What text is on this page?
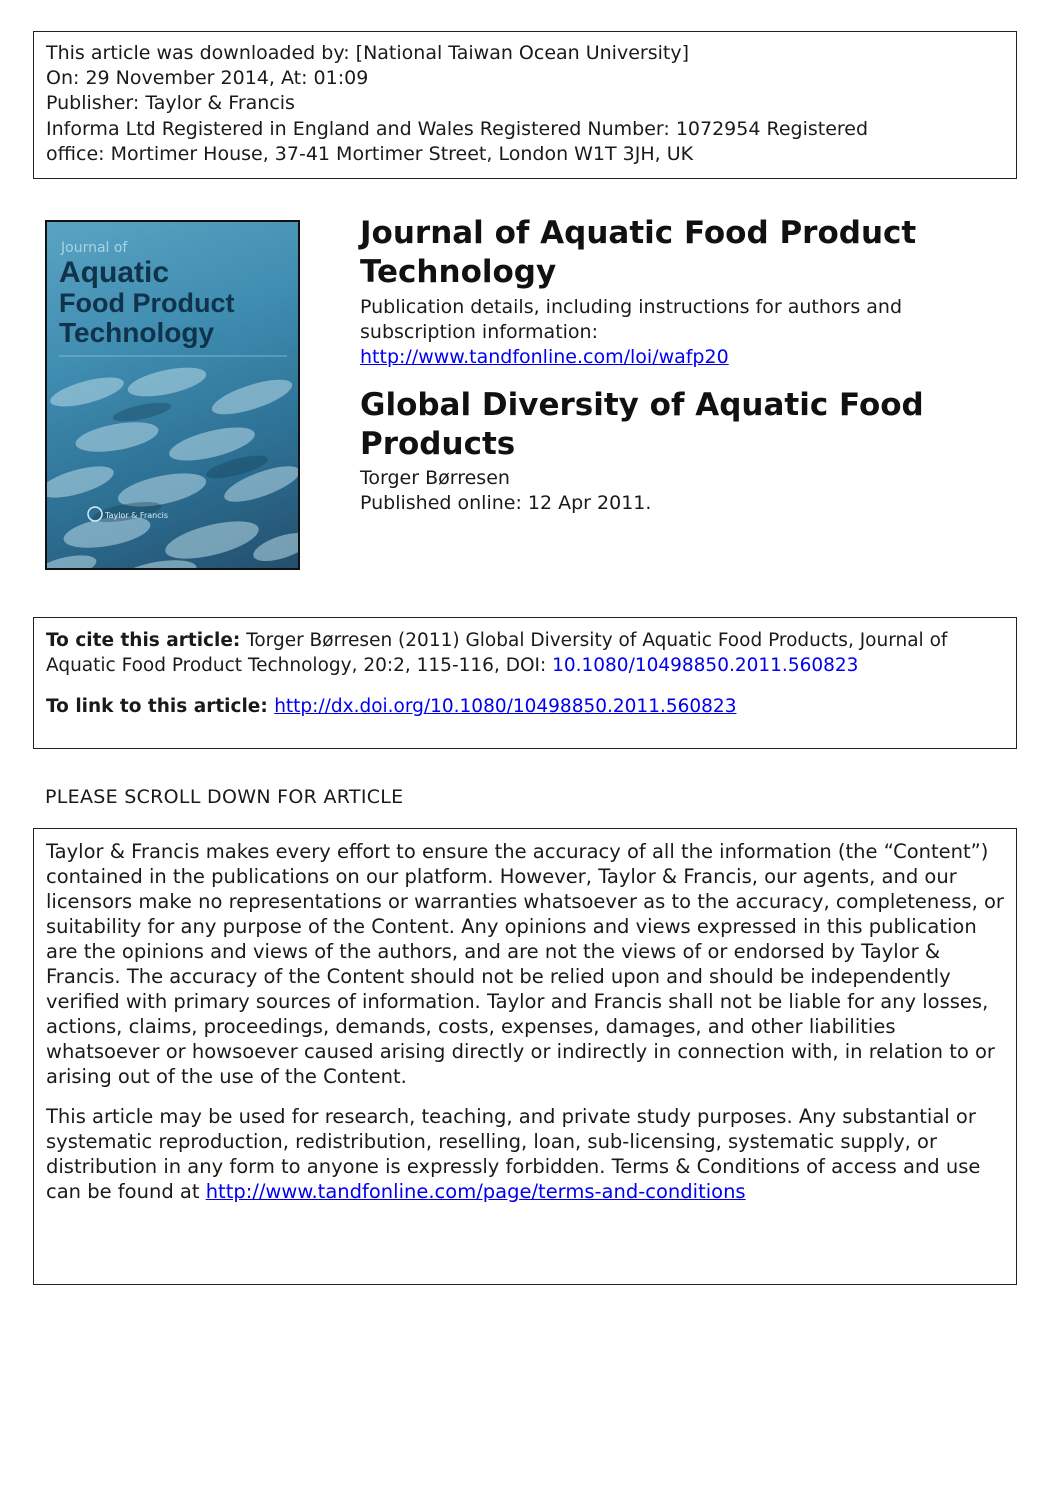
This article was downloaded by: [National Taiwan Ocean University]
On: 29 November 2014, At: 01:09
Publisher: Taylor & Francis
Informa Ltd Registered in England and Wales Registered Number: 1072954 Registered
office: Mortimer House, 37-41 Mortimer Street, London W1T 3JH, UK
Journal of
Aquatic
Food Product
Technology
Taylor & Francis
Journal of Aquatic Food Product Technology
Publication details, including instructions for authors and subscription information:
http://www.tandfonline.com/loi/wafp20
Global Diversity of Aquatic Food Products
Torger Børresen
Published online: 12 Apr 2011.
To cite this article: Torger Børresen (2011) Global Diversity of Aquatic Food Products, Journal of Aquatic Food Product Technology, 20:2, 115-116, DOI: 10.1080/10498850.2011.560823
To link to this article: http://dx.doi.org/10.1080/10498850.2011.560823
PLEASE SCROLL DOWN FOR ARTICLE

Taylor & Francis makes every effort to ensure the accuracy of all the information (the “Content”) contained in the publications on our platform. However, Taylor & Francis, our agents, and our licensors make no representations or warranties whatsoever as to the accuracy, completeness, or suitability for any purpose of the Content. Any opinions and views expressed in this publication are the opinions and views of the authors, and are not the views of or endorsed by Taylor & Francis. The accuracy of the Content should not be relied upon and should be independently verified with primary sources of information. Taylor and Francis shall not be liable for any losses, actions, claims, proceedings, demands, costs, expenses, damages, and other liabilities whatsoever or howsoever caused arising directly or indirectly in connection with, in relation to or arising out of the use of the Content.

This article may be used for research, teaching, and private study purposes. Any substantial or systematic reproduction, redistribution, reselling, loan, sub-licensing, systematic supply, or distribution in any form to anyone is expressly forbidden. Terms & Conditions of access and use can be found at http://www.tandfonline.com/page/terms-and-conditions
